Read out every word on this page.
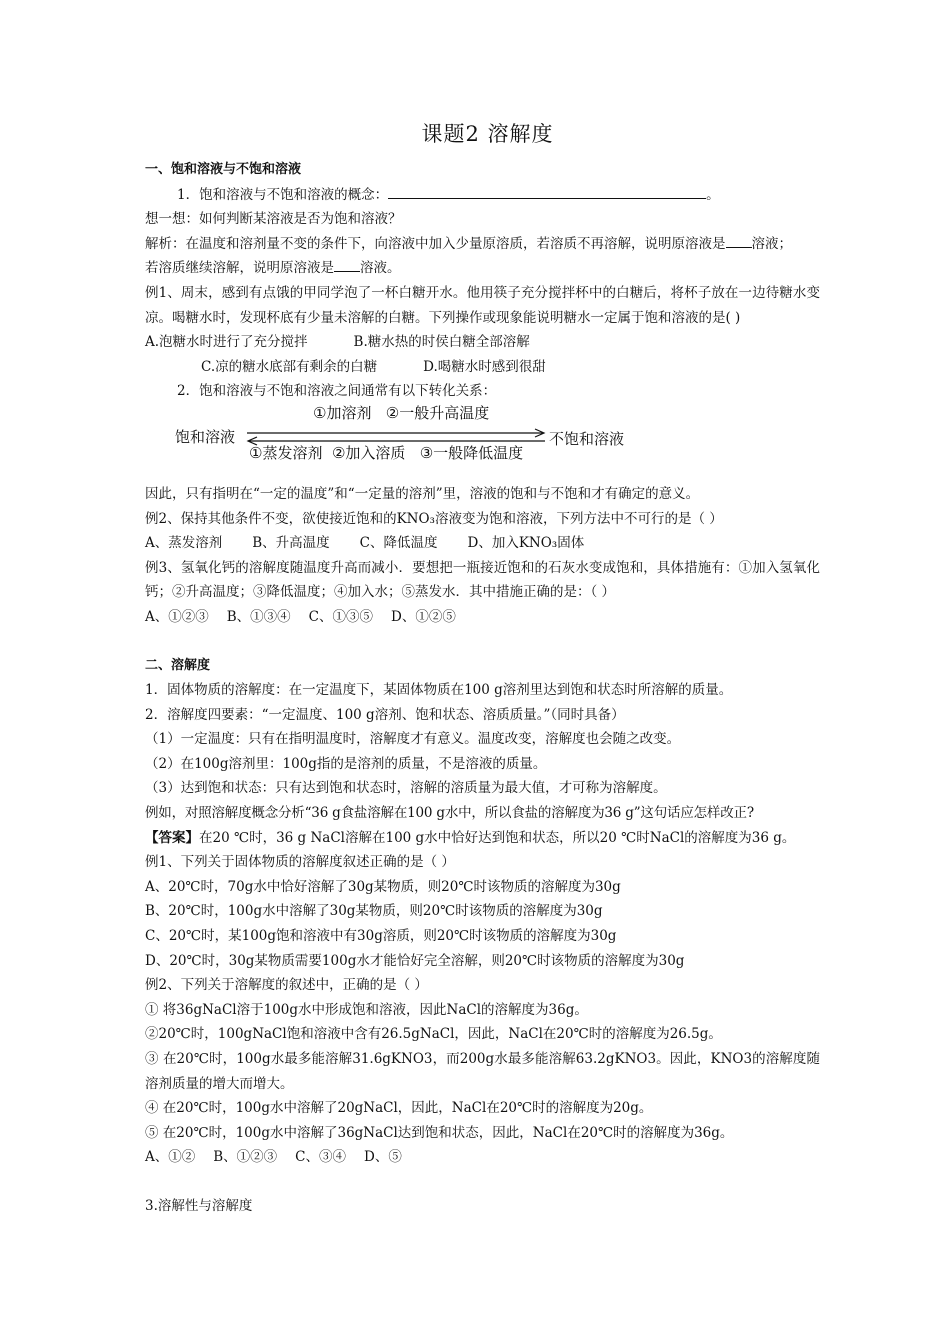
课题2 溶解度
一、饱和溶液与不饱和溶液
1．饱和溶液与不饱和溶液的概念：	。
想一想：如何判断某溶液是否为饱和溶液？
解析：在温度和溶剂量不变的条件下，向溶液中加入少量原溶质，若溶质不再溶解，说明原溶液是 溶液；
若溶质继续溶解，说明原溶液是 溶液。
例1、周末，感到有点饿的甲同学泡了一杯白糖开水。他用筷子充分搅拌杯中的白糖后，将杯子放在一边待糖水变凉。喝糖水时，发现杯底有少量未溶解的白糖。下列操作或现象能说明糖水一定属于饱和溶液的是( )
A.泡糖水时进行了充分搅拌	B.糖水热的时侯白糖全部溶解
C.凉的糖水底部有剩余的白糖	D.喝糖水时感到很甜
2．饱和溶液与不饱和溶液之间通常有以下转化关系：
饱和溶液
①加溶剂   ②一般升高温度
不饱和溶液
①蒸发溶剂  ②加入溶质   ③一般降低温度
因此，只有指明在“一定的温度”和“一定量的溶剂”里，溶液的饱和与不饱和才有确定的意义。
例2、保持其他条件不变，欲使接近饱和的KNO₃溶液变为饱和溶液，下列方法中不可行的是（ ）
A、蒸发溶剂 B、升高温度 C、降低温度 D、加入KNO₃固体
例3、氢氧化钙的溶解度随温度升高而减小．要想把一瓶接近饱和的石灰水变成饱和，具体措施有：①加入氢氧化钙；②升高温度；③降低温度；④加入水；⑤蒸发水．其中措施正确的是：（ ）
A、①②③ B、①③④ C、①③⑤ D、①②⑤
二、溶解度
1．固体物质的溶解度：在一定温度下，某固体物质在100 g溶剂里达到饱和状态时所溶解的质量。
2．溶解度四要素：“一定温度、100 g溶剂、饱和状态、溶质质量。”（同时具备）
（1）一定温度：只有在指明温度时，溶解度才有意义。温度改变，溶解度也会随之改变。
（2）在100g溶剂里：100g指的是溶剂的质量，不是溶液的质量。
（3）达到饱和状态：只有达到饱和状态时，溶解的溶质量为最大值，才可称为溶解度。
例如，对照溶解度概念分析“36 g食盐溶解在100 g水中，所以食盐的溶解度为36 g”这句话应怎样改正?
【答案】在20 ℃时，36 g NaCl溶解在100 g水中恰好达到饱和状态，所以20 ℃时NaCl的溶解度为36 g。
例1、下列关于固体物质的溶解度叙述正确的是（ ）
A、20℃时，70g水中恰好溶解了30g某物质，则20℃时该物质的溶解度为30g
B、20℃时，100g水中溶解了30g某物质，则20℃时该物质的溶解度为30g
C、20℃时，某100g饱和溶液中有30g溶质，则20℃时该物质的溶解度为30g
D、20℃时，30g某物质需要100g水才能恰好完全溶解，则20℃时该物质的溶解度为30g
例2、下列关于溶解度的叙述中，正确的是（ ）
① 将36gNaCl溶于100g水中形成饱和溶液，因此NaCl的溶解度为36g。
②20℃时，100gNaCl饱和溶液中含有26.5gNaCl，因此，NaCl在20℃时的溶解度为26.5g。
③ 在20℃时，100g水最多能溶解31.6gKNO3，而200g水最多能溶解63.2gKNO3。因此，KNO3的溶解度随溶剂质量的增大而增大。
④ 在20℃时，100g水中溶解了20gNaCl，因此，NaCl在20℃时的溶解度为20g。
⑤ 在20℃时，100g水中溶解了36gNaCl达到饱和状态，因此，NaCl在20℃时的溶解度为36g。
A、①② B、①②③ C、③④ D、⑤
3.溶解性与溶解度
